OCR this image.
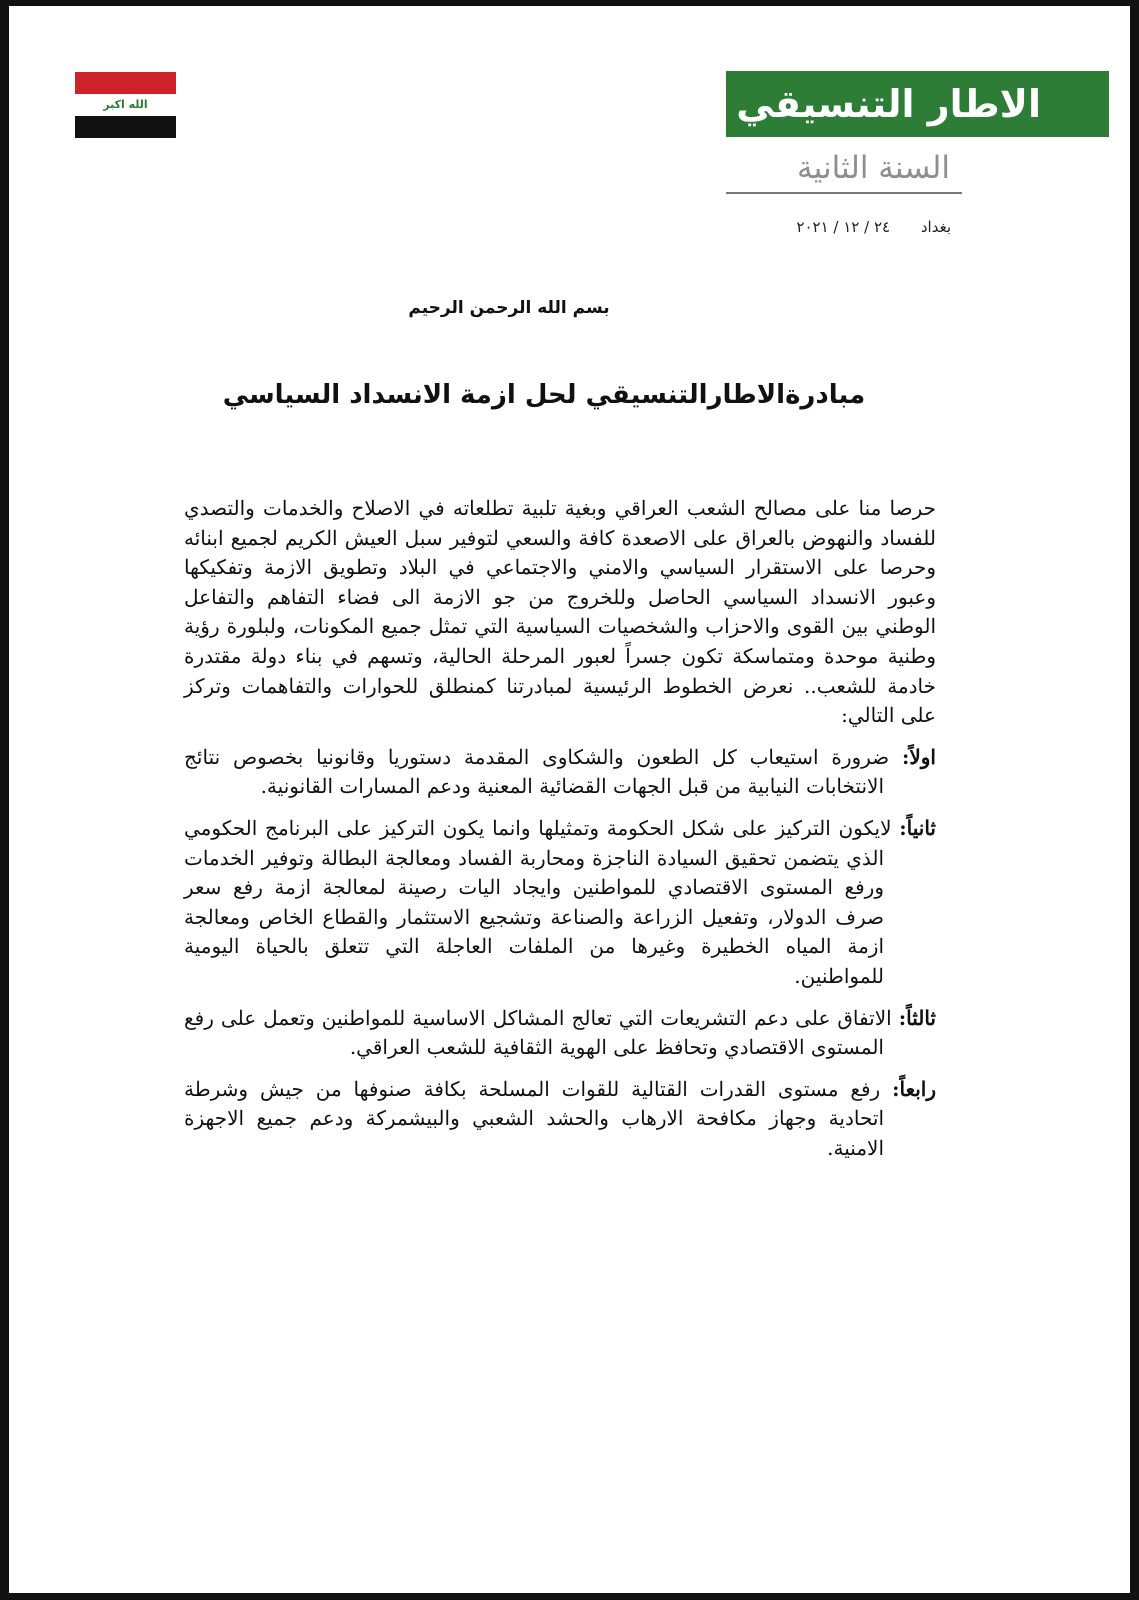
الله اكبر	الاطار التنسيقي
السنة الثانية
بغداد ٢٤ / ١٢ / ٢٠٢١
بسم الله الرحمن الرحيم
مبادرةالاطارالتنسيقي لحل ازمة الانسداد السياسي

حرصا منا على مصالح الشعب العراقي وبغية تلبية تطلعاته في الاصلاح والخدمات والتصدي للفساد والنهوض بالعراق على الاصعدة كافة والسعي لتوفير سبل العيش الكريم لجميع ابنائه وحرصا على الاستقرار السياسي والامني والاجتماعي في البلاد وتطويق الازمة وتفكيكها وعبور الانسداد السياسي الحاصل وللخروج من جو الازمة الى فضاء التفاهم والتفاعل الوطني بين القوى والاحزاب والشخصيات السياسية التي تمثل جميع المكونات، ولبلورة رؤية وطنية موحدة ومتماسكة تكون جسراً لعبور المرحلة الحالية، وتسهم في بناء دولة مقتدرة خادمة للشعب.. نعرض الخطوط الرئيسية لمبادرتنا كمنطلق للحوارات والتفاهمات وتركز على التالي:

اولاً: ضرورة استيعاب كل الطعون والشكاوى المقدمة دستوريا وقانونيا بخصوص نتائج الانتخابات النيابية من قبل الجهات القضائية المعنية ودعم المسارات القانونية.

ثانياً: لايكون التركيز على شكل الحكومة وتمثيلها وانما يكون التركيز على البرنامج الحكومي الذي يتضمن تحقيق السيادة الناجزة ومحاربة الفساد ومعالجة البطالة وتوفير الخدمات ورفع المستوى الاقتصادي للمواطنين وايجاد اليات رصينة لمعالجة ازمة رفع سعر صرف الدولار، وتفعيل الزراعة والصناعة وتشجيع الاستثمار والقطاع الخاص ومعالجة ازمة المياه الخطيرة وغيرها من الملفات العاجلة التي تتعلق بالحياة اليومية للمواطنين.

ثالثاً: الاتفاق على دعم التشريعات التي تعالج المشاكل الاساسية للمواطنين وتعمل على رفع المستوى الاقتصادي وتحافظ على الهوية الثقافية للشعب العراقي.

رابعاً: رفع مستوى القدرات القتالية للقوات المسلحة بكافة صنوفها من جيش وشرطة اتحادية وجهاز مكافحة الارهاب والحشد الشعبي والبيشمركة ودعم جميع الاجهزة الامنية.
